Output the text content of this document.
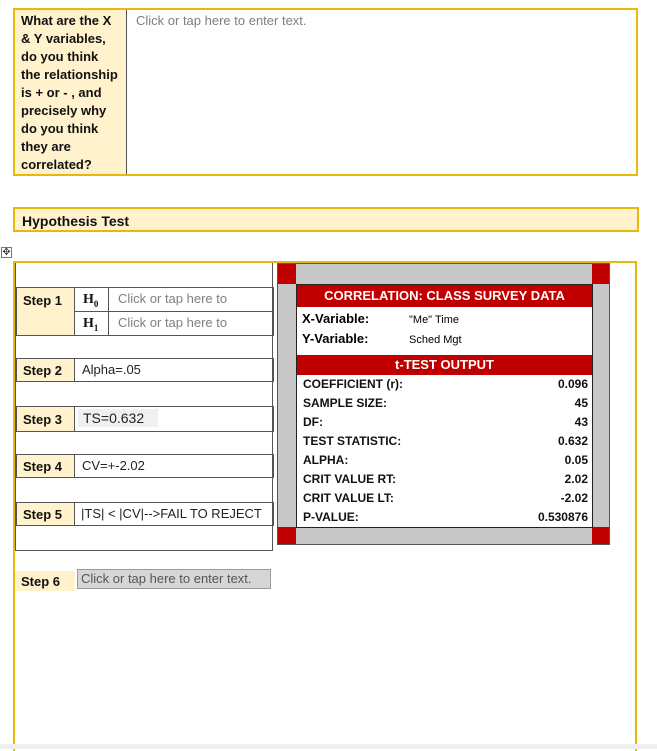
What are the X & Y variables, do you think the relationship is + or - , and precisely why do you think they are correlated?
Click or tap here to enter text.
Hypothesis Test
✥
Step 1	$H_0$	Click or tap here to
$H_1$	Click or tap here to
Step 2	Alpha=.05
Step 3	TS=0.632
Step 4	CV=+-2.02
Step 5	|TS| < |CV|-->FAIL TO REJECT
CORRELATION: CLASS SURVEY DATA
X-Variable:	"Me" Time
Y-Variable:	Sched Mgt
t-TEST OUTPUT
COEFFICIENT (r):	0.096
SAMPLE SIZE:	45
DF:	43
TEST STATISTIC:	0.632
ALPHA:	0.05
CRIT VALUE RT:	2.02
CRIT VALUE LT:	-2.02
P-VALUE:	0.530876
Step 6	Click or tap here to enter text.
